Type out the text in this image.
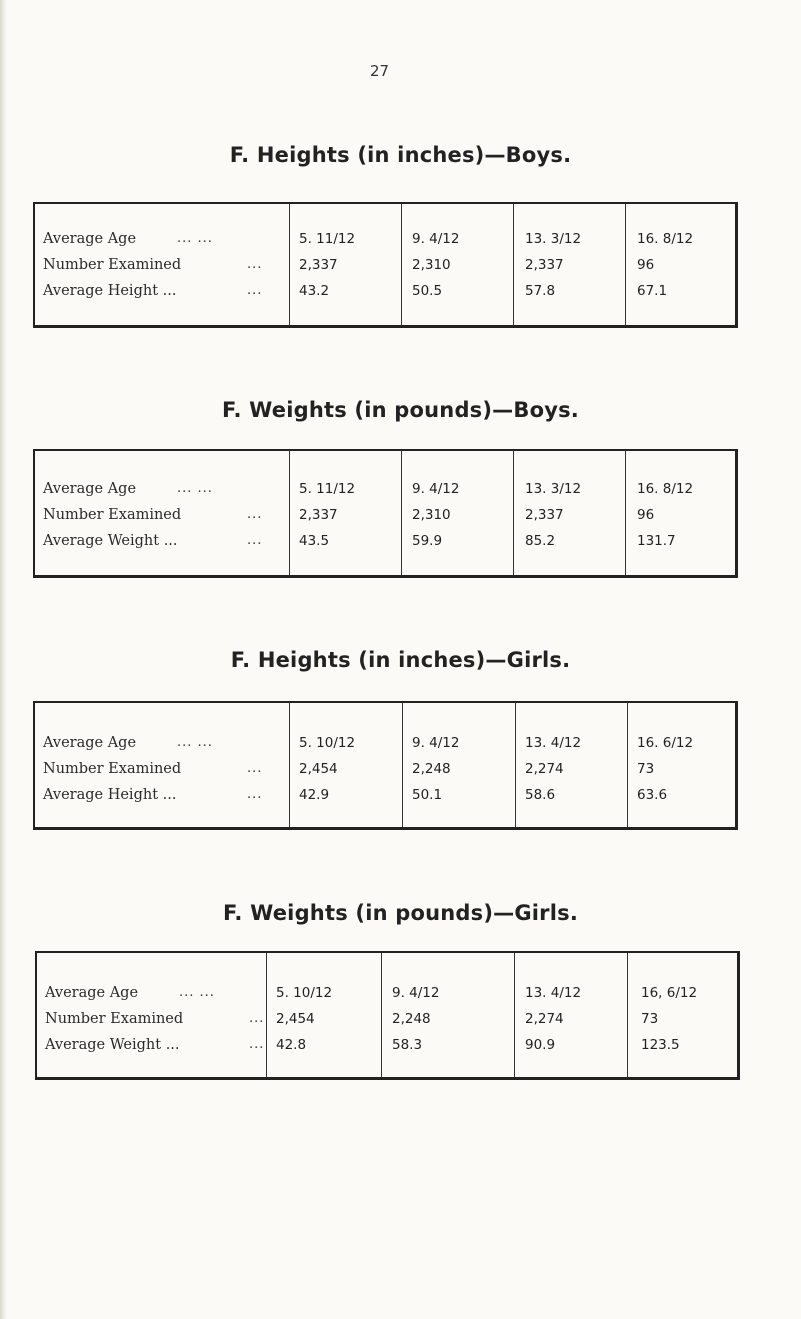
27
F. Heights (in inches)—Boys.
Average Age	... ...	5. 11/12	9. 4/12	13. 3/12	16. 8/12
Number Examined	...	2,337	2,310	2,337	96
Average Height ...	...	43.2	50.5	57.8	67.1
F. Weights (in pounds)—Boys.
Average Age	... ...	5. 11/12	9. 4/12	13. 3/12	16. 8/12
Number Examined	...	2,337	2,310	2,337	96
Average Weight ...	...	43.5	59.9	85.2	131.7
F. Heights (in inches)—Girls.
Average Age	... ...	5. 10/12	9. 4/12	13. 4/12	16. 6/12
Number Examined	...	2,454	2,248	2,274	73
Average Height ...	...	42.9	50.1	58.6	63.6
F. Weights (in pounds)—Girls.
Average Age	... ...	5. 10/12	9. 4/12	13. 4/12	16, 6/12
Number Examined	... 2,454	2,248	2,274	73
Average Weight ...	... 42.8	58.3	90.9	123.5
